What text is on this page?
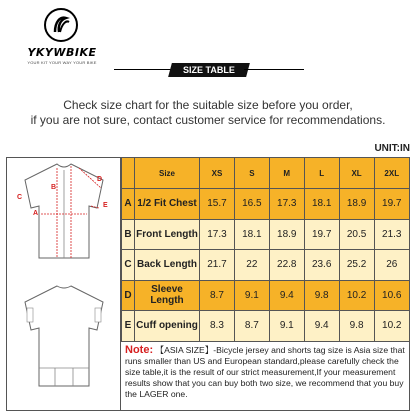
YKYWBIKE
YOUR KIT YOUR WAY YOUR BIKE
SIZE TABLE
Check size chart for the suitable size before you order,
if you are not sure, contact customer service for recommendations.
UNIT:IN
A
B
C
D
E
	Size	XS	S	M	L	XL	2XL
A	1/2 Fit Chest	15.7	16.5	17.3	18.1	18.9	19.7
B	Front Length	17.3	18.1	18.9	19.7	20.5	21.3
C	Back Length	21.7	22	22.8	23.6	25.2	26
D	Sleeve Length	8.7	9.1	9.4	9.8	10.2	10.6
E	Cuff opening	8.3	8.7	9.1	9.4	9.8	10.2
Note: 【ASIA SIZE】-Bicycle jersey and shorts tag size is Asia size that runs smaller than US and European standard,please carefully check the size table,it is the result of our strict measurement,If your measurement results show that you can buy both two size, we recommend that you buy the LAGER one.
